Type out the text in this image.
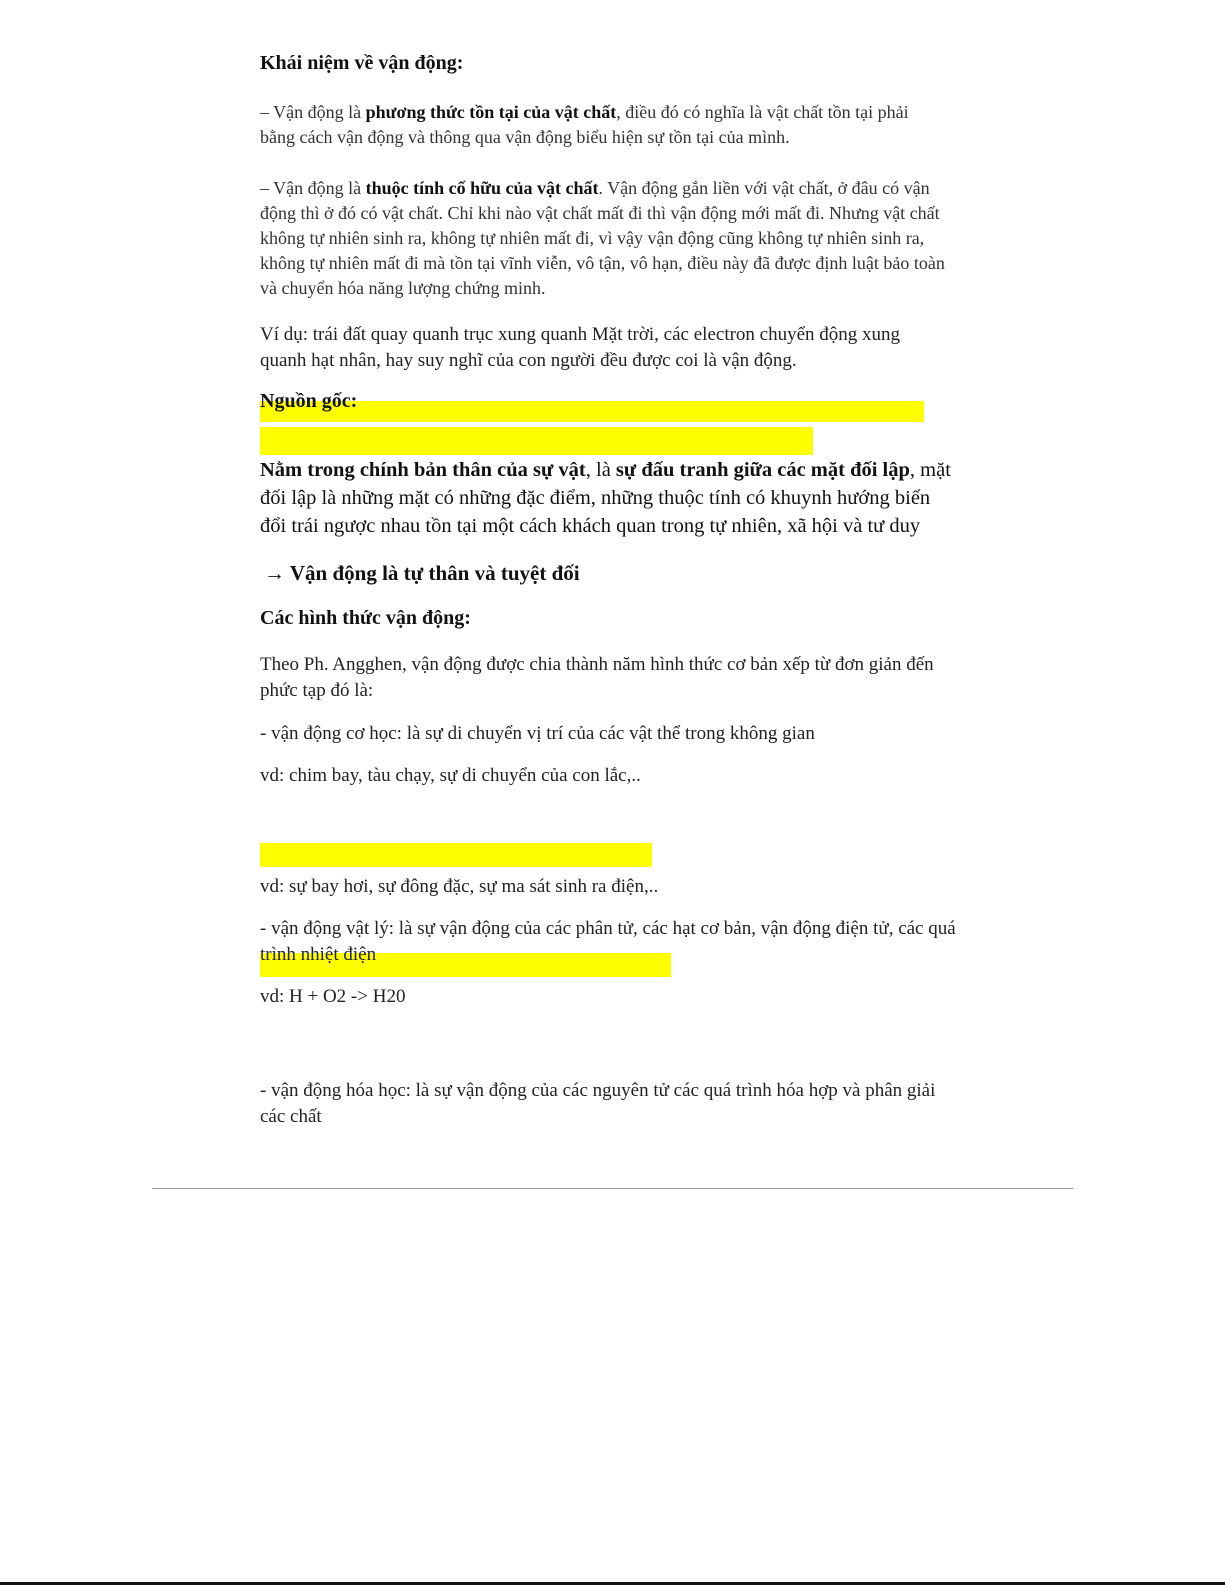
Khái niệm về vận động:

– Vận động là phương thức tồn tại của vật chất, điều đó có nghĩa là vật chất tồn tại phải bằng cách vận động và thông qua vận động biểu hiện sự tồn tại của mình.

– Vận động là thuộc tính cố hữu của vật chất. Vận động gắn liền với vật chất, ở đâu có vận động thì ở đó có vật chất. Chỉ khi nào vật chất mất đi thì vận động mới mất đi. Nhưng vật chất không tự nhiên sinh ra, không tự nhiên mất đi, vì vậy vận động cũng không tự nhiên sinh ra, không tự nhiên mất đi mà tồn tại vĩnh viễn, vô tận, vô hạn, điều này đã được định luật bảo toàn và chuyển hóa năng lượng chứng minh.

Ví dụ: trái đất quay quanh trục xung quanh Mặt trời, các electron chuyển động xung quanh hạt nhân, hay suy nghĩ của con người đều được coi là vận động.

Nguồn gốc:

Nằm trong chính bản thân của sự vật, là sự đấu tranh giữa các mặt đối lập, mặt đối lập là những mặt có những đặc điểm, những thuộc tính có khuynh hướng biến đổi trái ngược nhau tồn tại một cách khách quan trong tự nhiên, xã hội và tư duy

→ Vận động là tự thân và tuyệt đối

Các hình thức vận động:

Theo Ph. Angghen, vận động được chia thành năm hình thức cơ bản xếp từ đơn giản đến phức tạp đó là:

- vận động cơ học: là sự di chuyển vị trí của các vật thể trong không gian

vd: chim bay, tàu chạy, sự di chuyển của con lắc,..

- vận động vật lý: là sự vận động của các phân tử, các hạt cơ bản, vận động điện tử, các quá trình nhiệt điện

vd: sự bay hơi, sự đông đặc, sự ma sát sinh ra điện,..

- vận động hóa học: là sự vận động của các nguyên tử các quá trình hóa hợp và phân giải các chất

vd: H + O2 -> H20
